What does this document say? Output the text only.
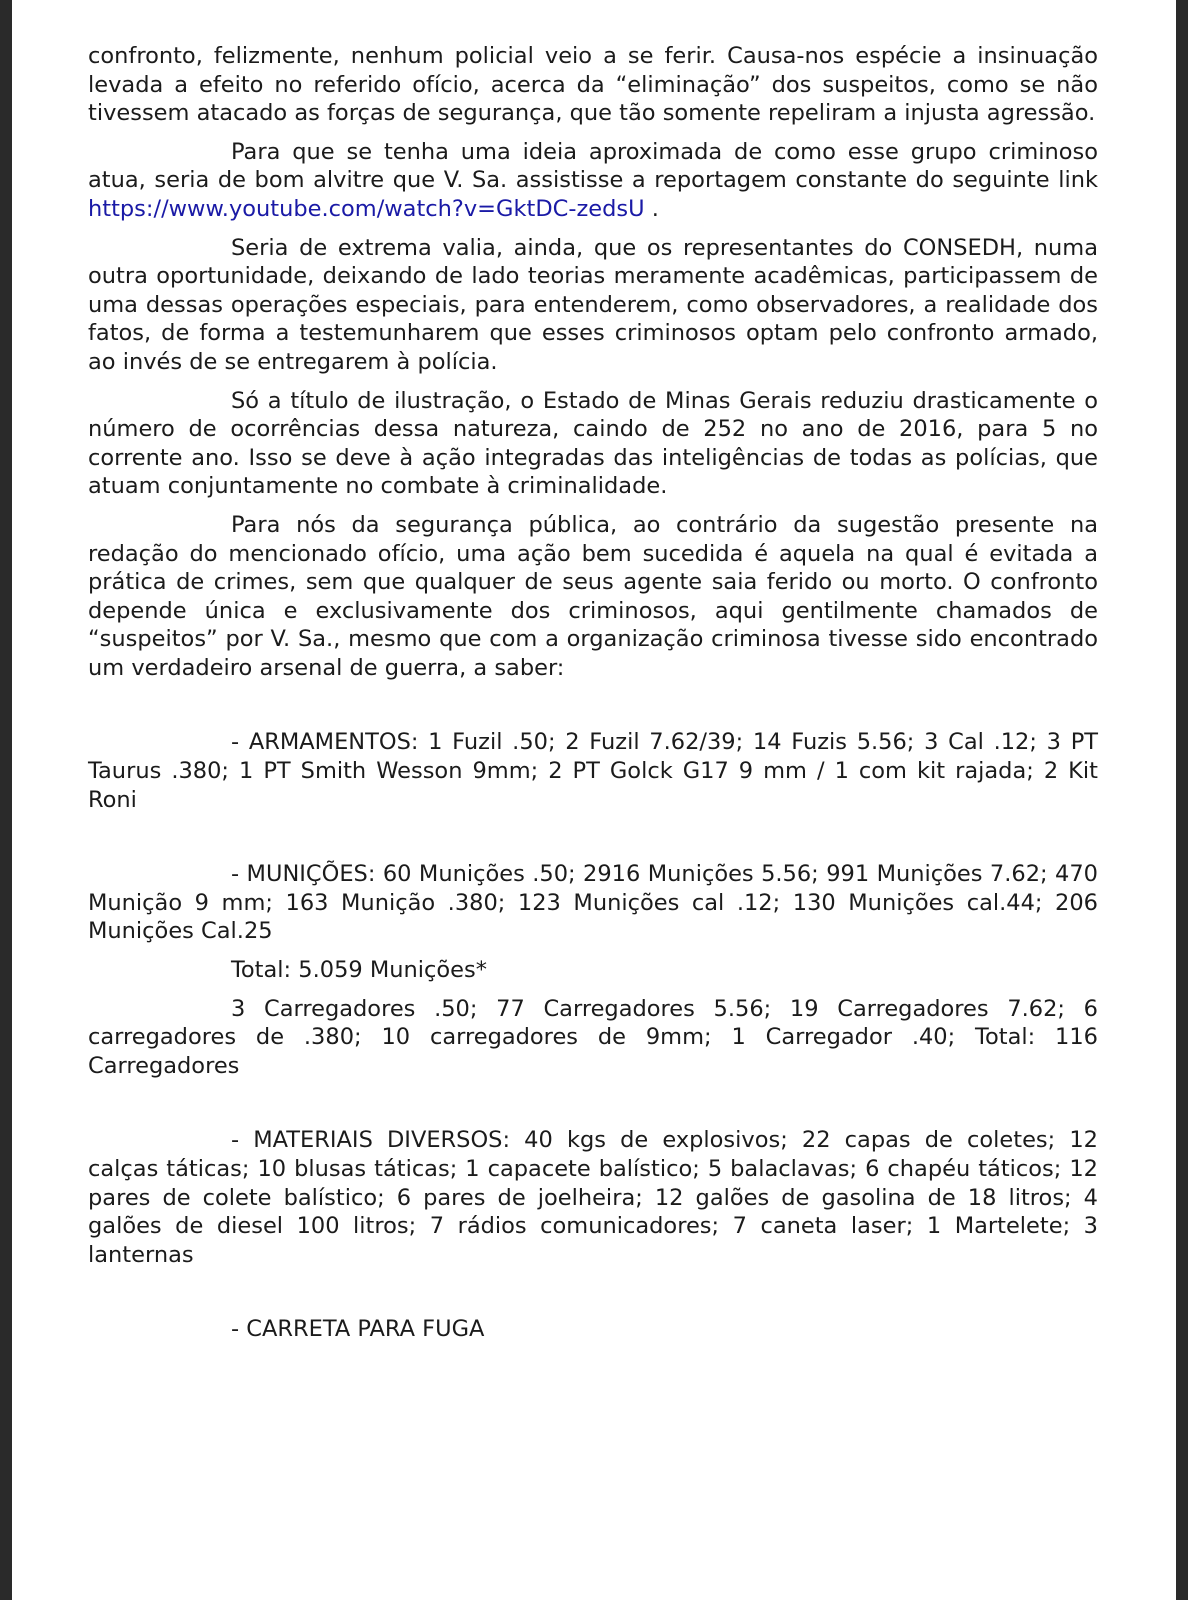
confronto, felizmente, nenhum policial veio a se ferir. Causa-nos espécie a insinuação levada a efeito no referido ofício, acerca da “eliminação” dos suspeitos, como se não tivessem atacado as forças de segurança, que tão somente repeliram a injusta agressão.

Para que se tenha uma ideia aproximada de como esse grupo criminoso atua, seria de bom alvitre que V. Sa. assistisse a reportagem constante do seguinte link https://www.youtube.com/watch?v=GktDC-zedsU .

Seria de extrema valia, ainda, que os representantes do CONSEDH, numa outra oportunidade, deixando de lado teorias meramente acadêmicas, participassem de uma dessas operações especiais, para entenderem, como observadores, a realidade dos fatos, de forma a testemunharem que esses criminosos optam pelo confronto armado, ao invés de se entregarem à polícia.

Só a título de ilustração, o Estado de Minas Gerais reduziu drasticamente o número de ocorrências dessa natureza, caindo de 252 no ano de 2016, para 5 no corrente ano. Isso se deve à ação integradas das inteligências de todas as polícias, que atuam conjuntamente no combate à criminalidade.

Para nós da segurança pública, ao contrário da sugestão presente na redação do mencionado ofício, uma ação bem sucedida é aquela na qual é evitada a prática de crimes, sem que qualquer de seus agente saia ferido ou morto. O confronto depende única e exclusivamente dos criminosos, aqui gentilmente chamados de “suspeitos” por V. Sa., mesmo que com a organização criminosa tivesse sido encontrado um verdadeiro arsenal de guerra, a saber:

- ARMAMENTOS: 1 Fuzil .50; 2 Fuzil 7.62/39; 14 Fuzis 5.56; 3 Cal .12; 3 PT Taurus .380; 1 PT Smith Wesson 9mm; 2 PT Golck G17 9 mm / 1 com kit rajada; 2 Kit Roni

- MUNIÇÕES: 60 Munições .50; 2916 Munições 5.56; 991 Munições 7.62; 470 Munição 9 mm; 163 Munição .380; 123 Munições cal .12; 130 Munições cal.44; 206 Munições Cal.25

Total: 5.059 Munições*

3 Carregadores .50; 77 Carregadores 5.56; 19 Carregadores 7.62; 6 carregadores de .380; 10 carregadores de 9mm; 1 Carregador .40; Total: 116 Carregadores

- MATERIAIS DIVERSOS: 40 kgs de explosivos; 22 capas de coletes; 12 calças táticas; 10 blusas táticas; 1 capacete balístico; 5 balaclavas; 6 chapéu táticos; 12 pares de colete balístico; 6 pares de joelheira; 12 galões de gasolina de 18 litros; 4 galões de diesel 100 litros; 7 rádios comunicadores; 7 caneta laser; 1 Martelete; 3 lanternas

- CARRETA PARA FUGA
